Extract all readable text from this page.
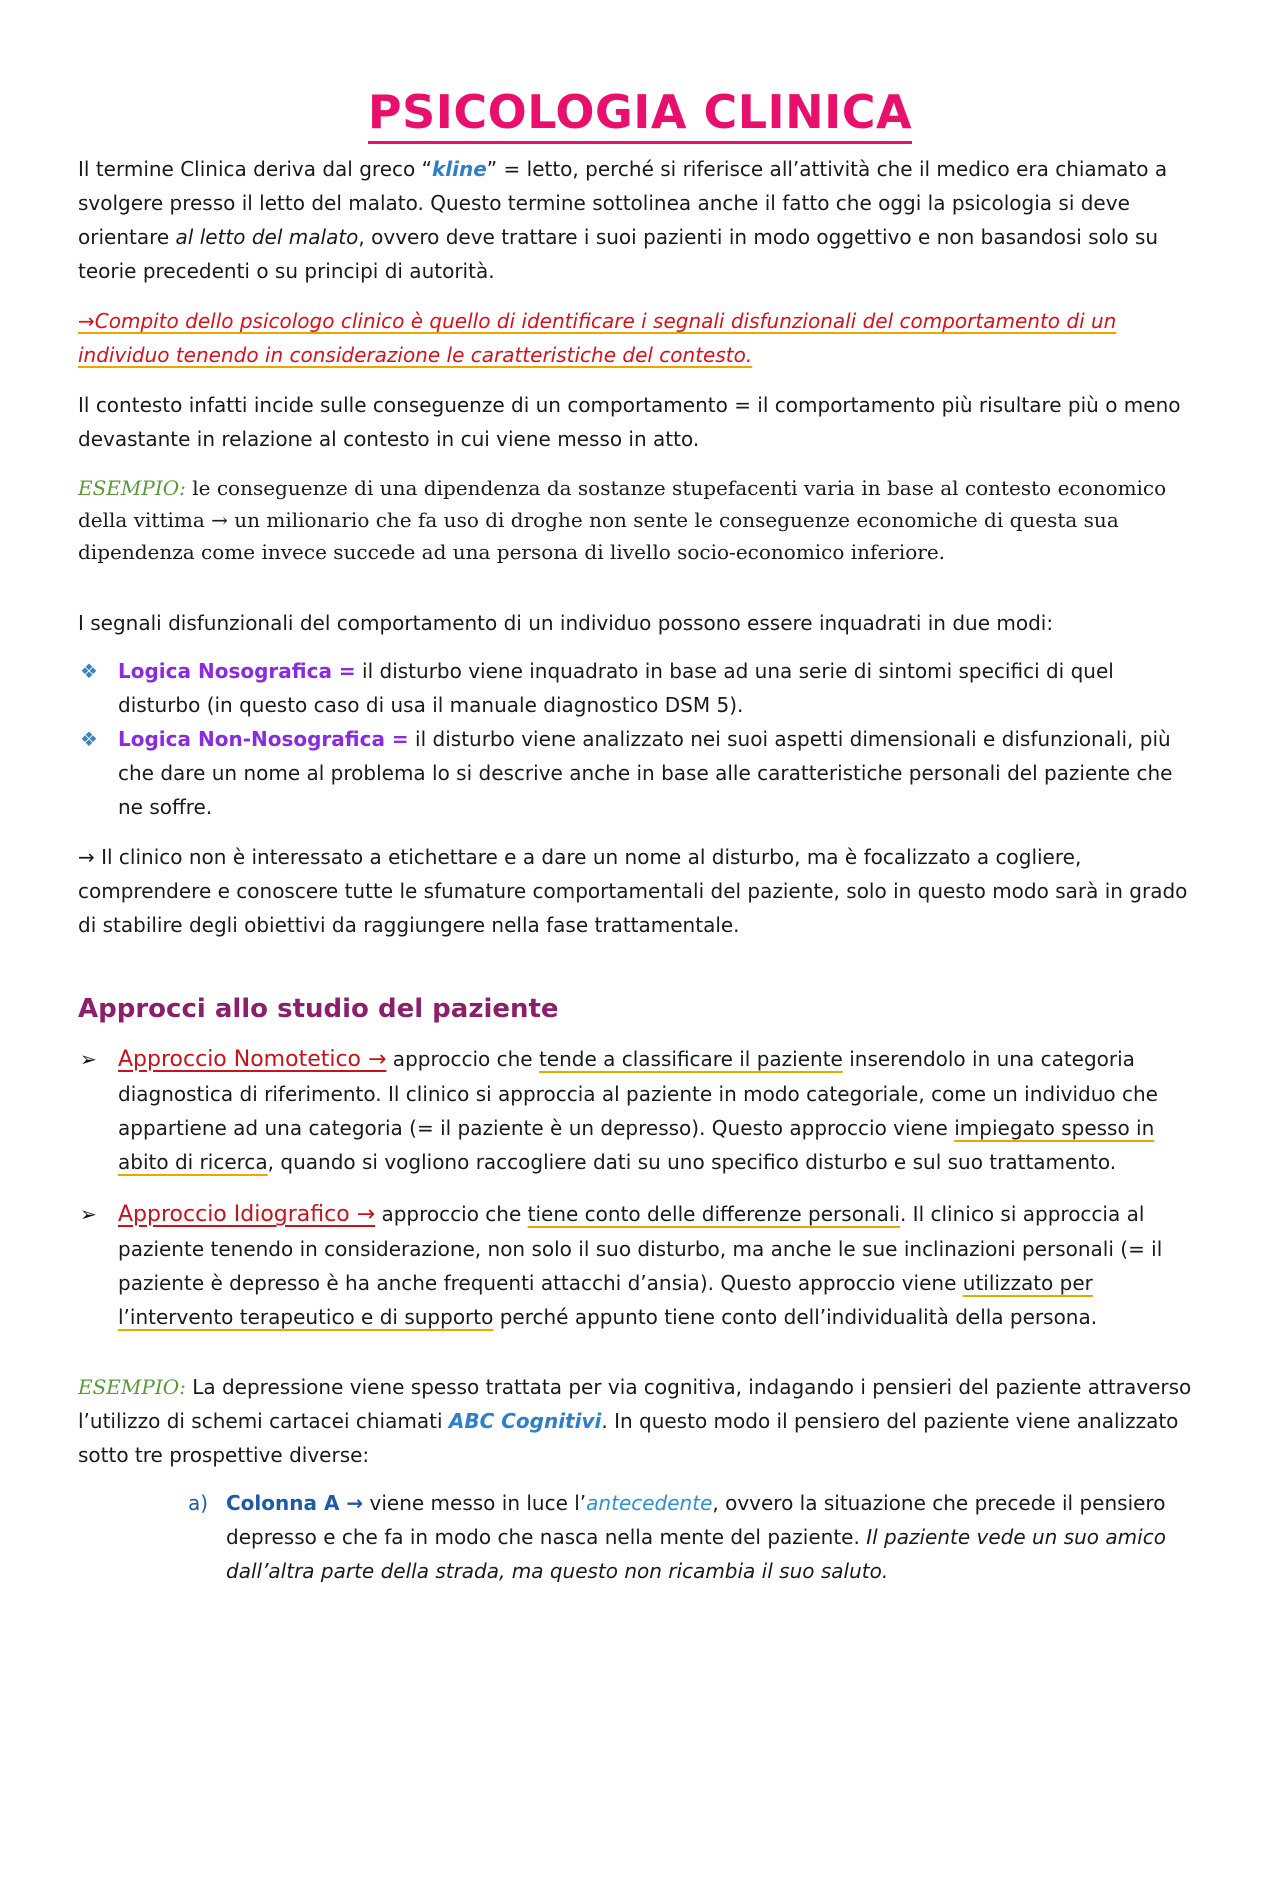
PSICOLOGIA CLINICA

Il termine Clinica deriva dal greco “kline” = letto, perché si riferisce all’attività che il medico era chiamato a svolgere presso il letto del malato. Questo termine sottolinea anche il fatto che oggi la psicologia si deve orientare al letto del malato, ovvero deve trattare i suoi pazienti in modo oggettivo e non basandosi solo su teorie precedenti o su principi di autorità.

→Compito dello psicologo clinico è quello di identificare i segnali disfunzionali del comportamento di un individuo tenendo in considerazione le caratteristiche del contesto.

Il contesto infatti incide sulle conseguenze di un comportamento = il comportamento più risultare più o meno devastante in relazione al contesto in cui viene messo in atto.

ESEMPIO: le conseguenze di una dipendenza da sostanze stupefacenti varia in base al contesto economico della vittima → un milionario che fa uso di droghe non sente le conseguenze economiche di questa sua dipendenza come invece succede ad una persona di livello socio-economico inferiore.

I segnali disfunzionali del comportamento di un individuo possono essere inquadrati in due modi:

❖ Logica Nosografica = il disturbo viene inquadrato in base ad una serie di sintomi specifici di quel disturbo (in questo caso di usa il manuale diagnostico DSM 5).
❖ Logica Non-Nosografica = il disturbo viene analizzato nei suoi aspetti dimensionali e disfunzionali, più che dare un nome al problema lo si descrive anche in base alle caratteristiche personali del paziente che ne soffre.

→ Il clinico non è interessato a etichettare e a dare un nome al disturbo, ma è focalizzato a cogliere, comprendere e conoscere tutte le sfumature comportamentali del paziente, solo in questo modo sarà in grado di stabilire degli obiettivi da raggiungere nella fase trattamentale.

Approcci allo studio del paziente
➢ Approccio Nomotetico → approccio che tende a classificare il paziente inserendolo in una categoria diagnostica di riferimento. Il clinico si approccia al paziente in modo categoriale, come un individuo che appartiene ad una categoria (= il paziente è un depresso). Questo approccio viene impiegato spesso in abito di ricerca, quando si vogliono raccogliere dati su uno specifico disturbo e sul suo trattamento.
➢ Approccio Idiografico → approccio che tiene conto delle differenze personali. Il clinico si approccia al paziente tenendo in considerazione, non solo il suo disturbo, ma anche le sue inclinazioni personali (= il paziente è depresso è ha anche frequenti attacchi d’ansia). Questo approccio viene utilizzato per l’intervento terapeutico e di supporto perché appunto tiene conto dell’individualità della persona.

ESEMPIO: La depressione viene spesso trattata per via cognitiva, indagando i pensieri del paziente attraverso l’utilizzo di schemi cartacei chiamati ABC Cognitivi. In questo modo il pensiero del paziente viene analizzato sotto tre prospettive diverse:

a) Colonna A → viene messo in luce l’antecedente, ovvero la situazione che precede il pensiero depresso e che fa in modo che nasca nella mente del paziente. Il paziente vede un suo amico dall’altra parte della strada, ma questo non ricambia il suo saluto.
